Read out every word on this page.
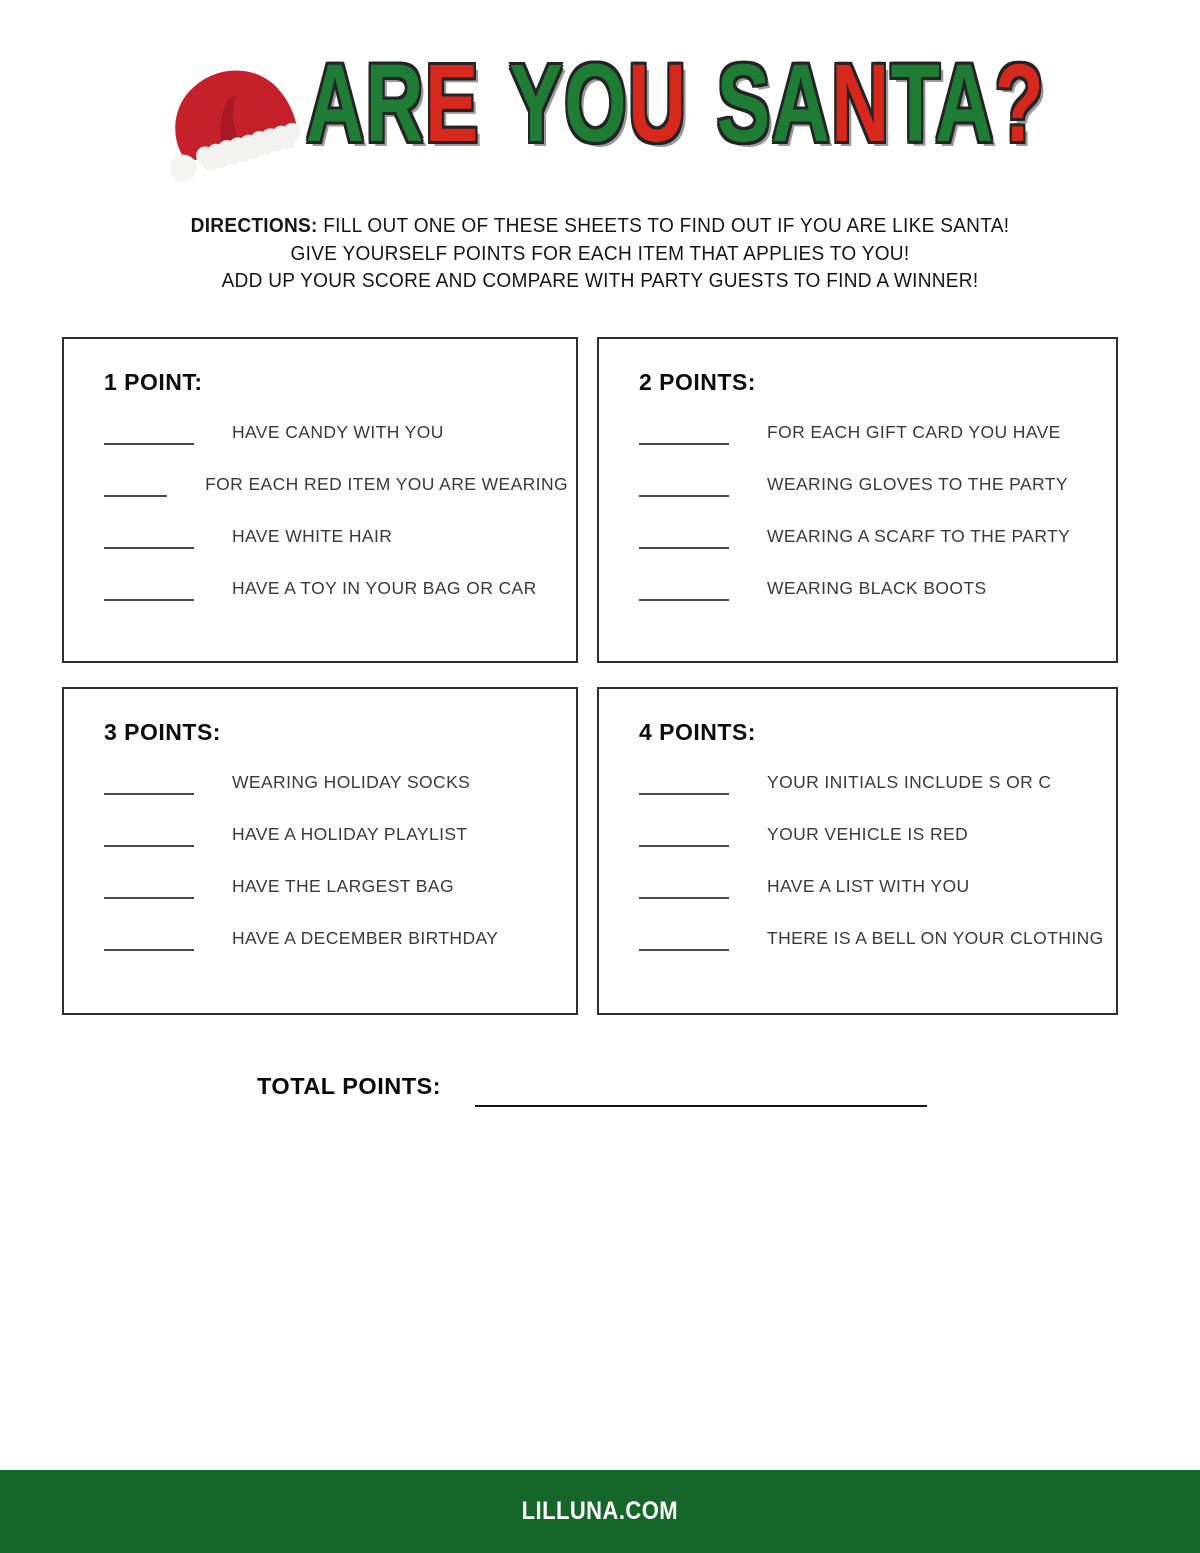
ARE YOU SANTA?

DIRECTIONS: FILL OUT ONE OF THESE SHEETS TO FIND OUT IF YOU ARE LIKE SANTA!

GIVE YOURSELF POINTS FOR EACH ITEM THAT APPLIES TO YOU!

ADD UP YOUR SCORE AND COMPARE WITH PARTY GUESTS TO FIND A WINNER!

1 POINT:
HAVE CANDY WITH YOU
FOR EACH RED ITEM YOU ARE WEARING
HAVE WHITE HAIR
HAVE A TOY IN YOUR BAG OR CAR
2 POINTS:
FOR EACH GIFT CARD YOU HAVE
WEARING GLOVES TO THE PARTY
WEARING A SCARF TO THE PARTY
WEARING BLACK BOOTS
3 POINTS:
WEARING HOLIDAY SOCKS
HAVE A HOLIDAY PLAYLIST
HAVE THE LARGEST BAG
HAVE A DECEMBER BIRTHDAY
4 POINTS:
YOUR INITIALS INCLUDE S OR C
YOUR VEHICLE IS RED
HAVE A LIST WITH YOU
THERE IS A BELL ON YOUR CLOTHING
TOTAL POINTS:
LILLUNA.COM
